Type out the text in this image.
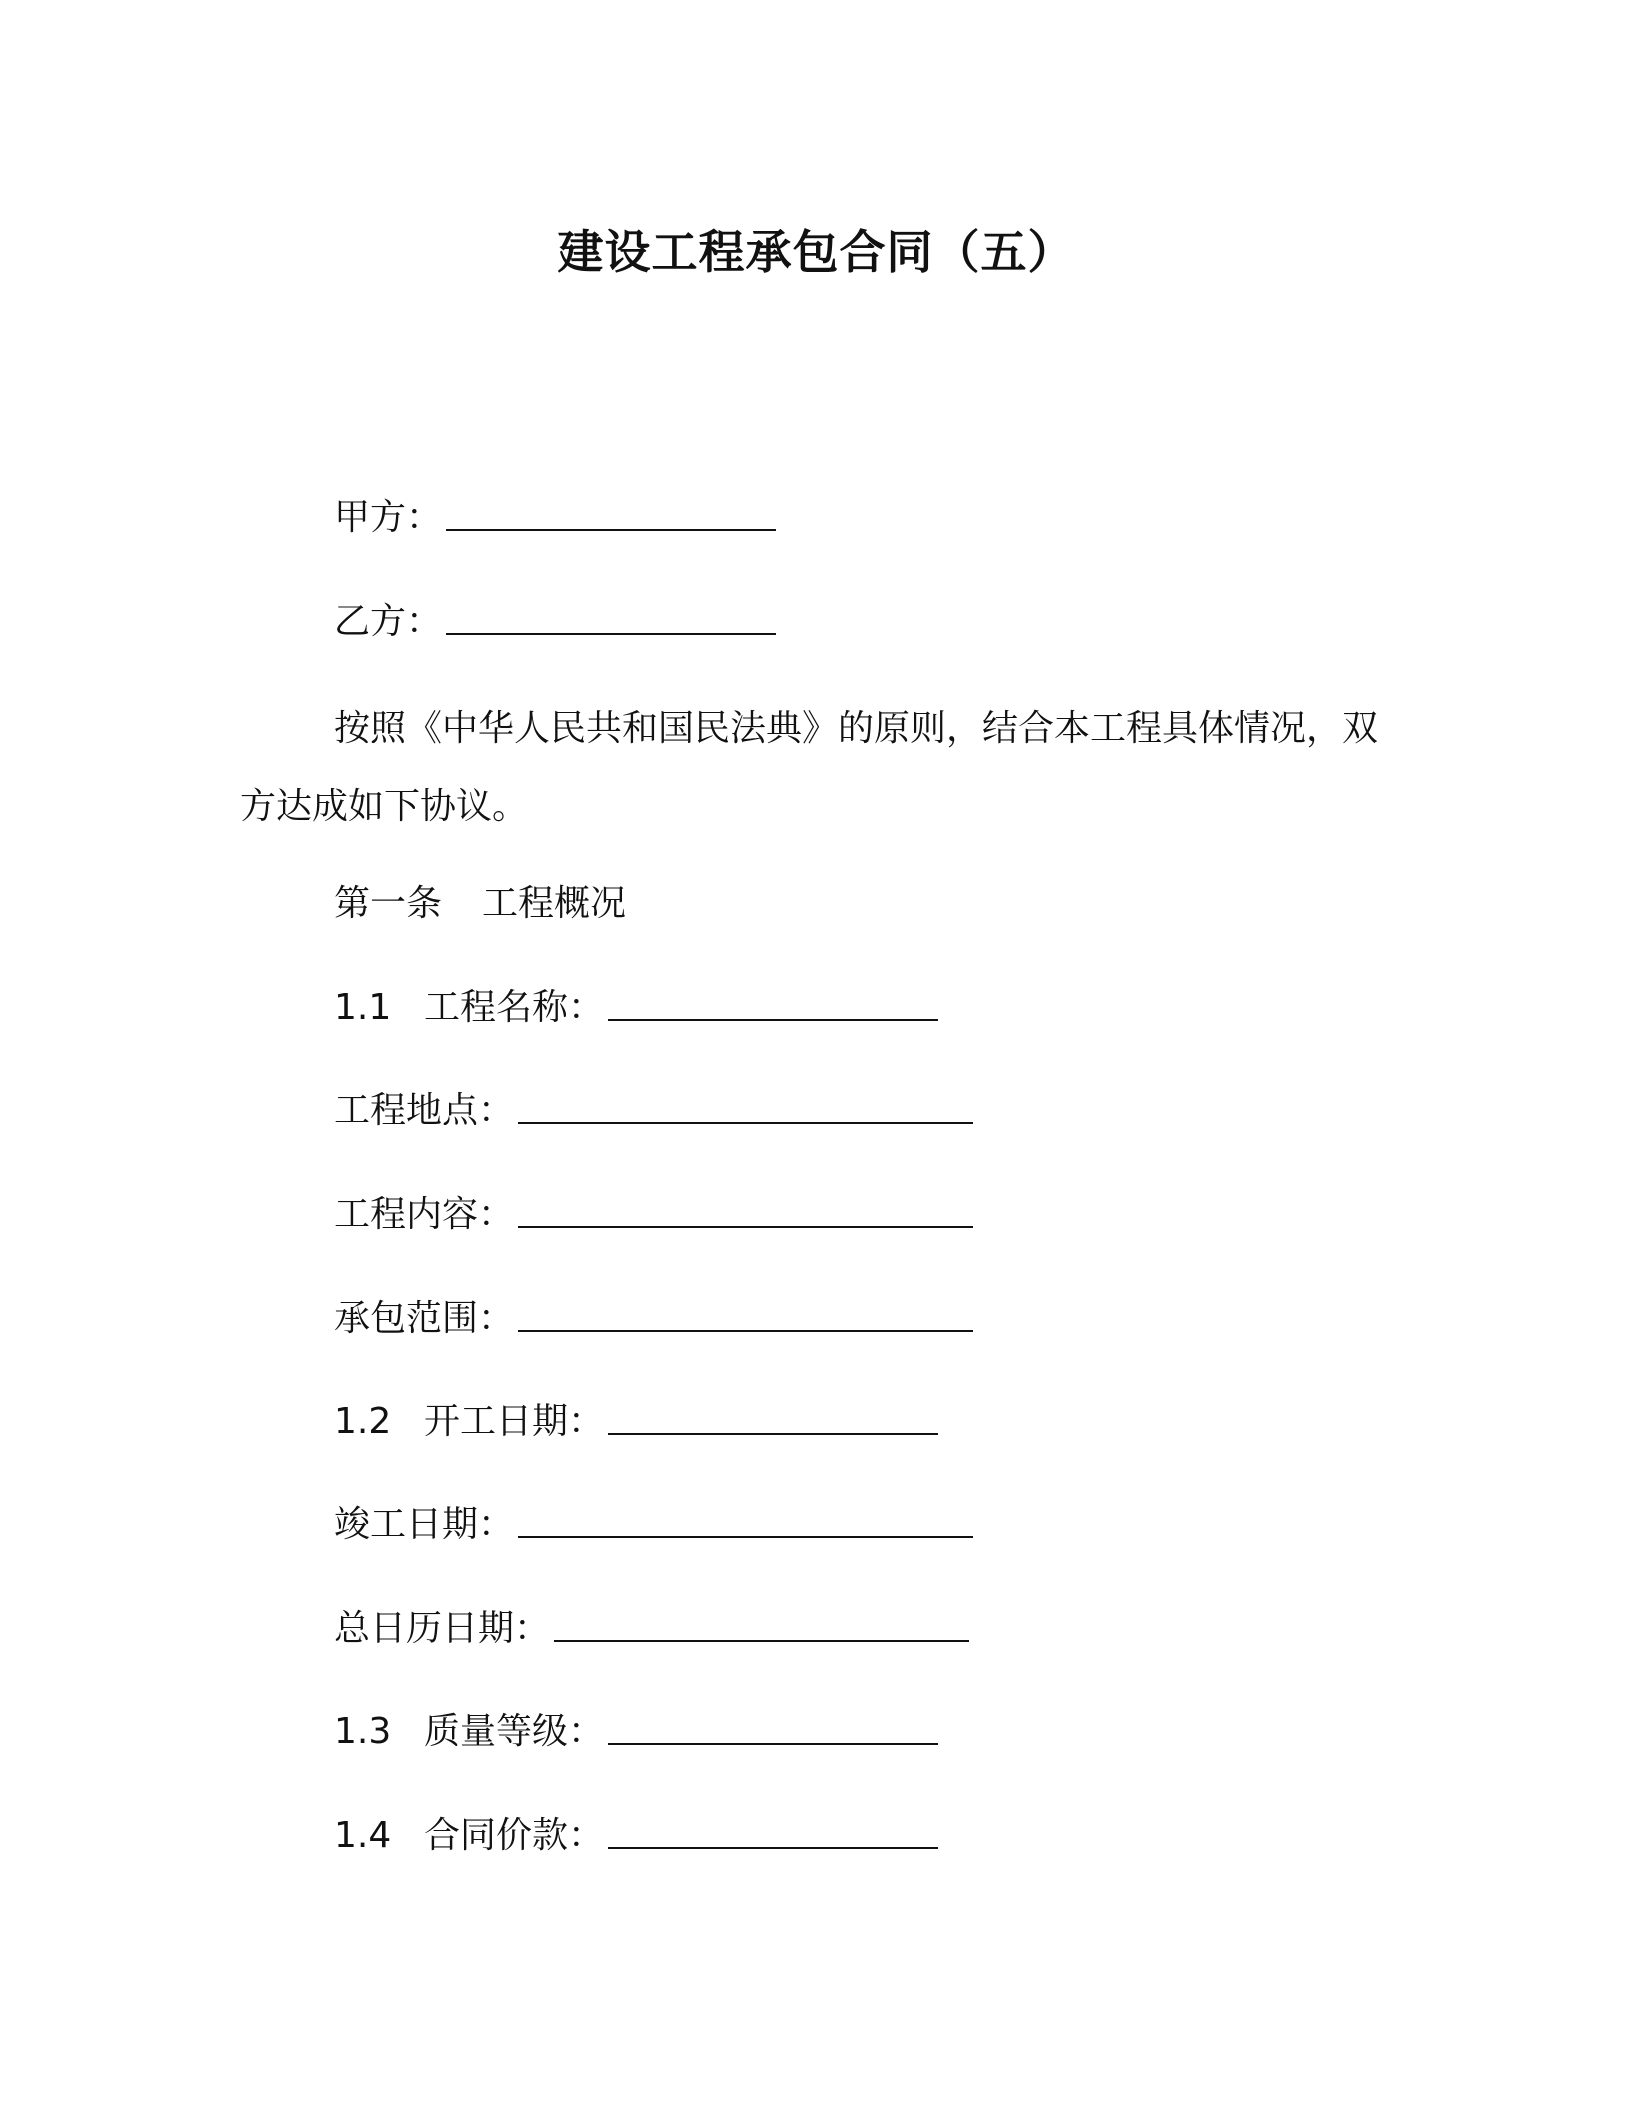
建设工程承包合同（五）
甲方：
乙方：
按照《中华人民共和国民法典》的原则，结合本工程具体情况，双方达成如下协议。
第一条 工程概况
1.1 工程名称：
工程地点：
工程内容：
承包范围：
1.2 开工日期：
竣工日期：
总日历日期：
1.3 质量等级：
1.4 合同价款：
